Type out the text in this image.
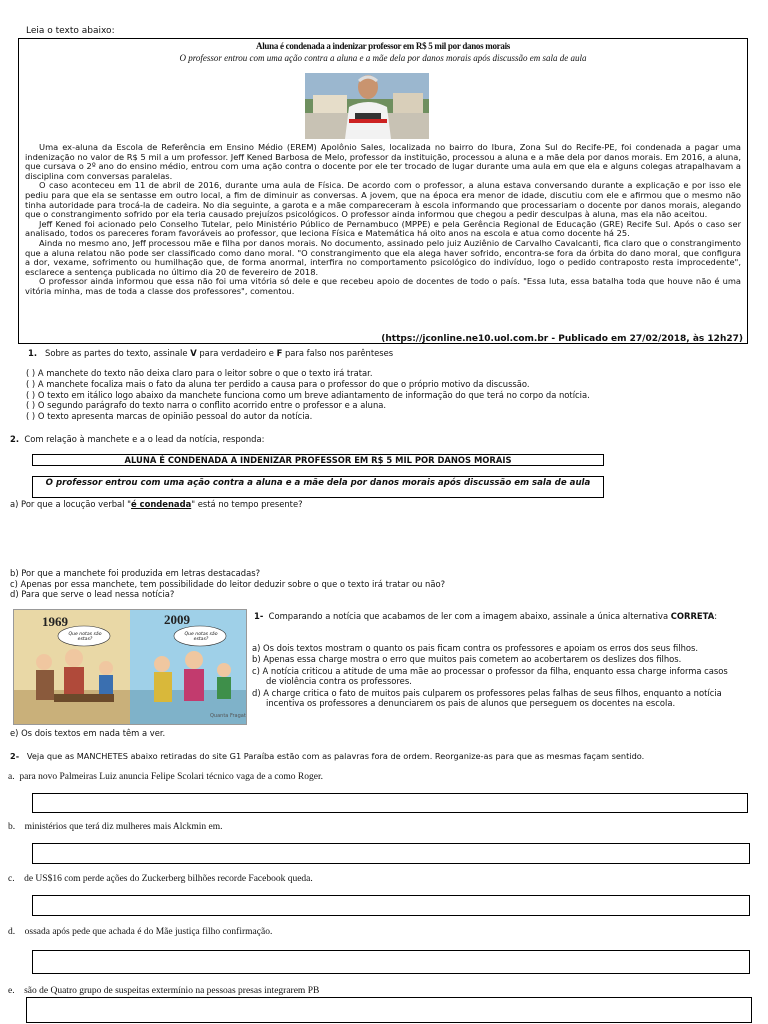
Leia o texto abaixo:
Aluna é condenada a indenizar professor em R$ 5 mil por danos morais
O professor entrou com uma ação contra a aluna e a mãe dela por danos morais após discussão em sala de aula

Uma ex-aluna da Escola de Referência em Ensino Médio (EREM) Apolônio Sales, localizada no bairro do Ibura, Zona Sul do Recife-PE, foi condenada a pagar uma indenização no valor de R$ 5 mil a um professor. Jeff Kened Barbosa de Melo, professor da instituição, processou a aluna e a mãe dela por danos morais. Em 2016, a aluna, que cursava o 2º ano do ensino médio, entrou com uma ação contra o docente por ele ter trocado de lugar durante uma aula em que ela e alguns colegas atrapalhavam a disciplina com conversas paralelas.

O caso aconteceu em 11 de abril de 2016, durante uma aula de Física. De acordo com o professor, a aluna estava conversando durante a explicação e por isso ele pediu para que ela se sentasse em outro local, a fim de diminuir as conversas. A jovem, que na época era menor de idade, discutiu com ele e afirmou que o mesmo não tinha autoridade para trocá-la de cadeira. No dia seguinte, a garota e a mãe compareceram à escola informando que processariam o docente por danos morais, alegando que o constrangimento sofrido por ela teria causado prejuízos psicológicos. O professor ainda informou que chegou a pedir desculpas à aluna, mas ela não aceitou.

Jeff Kened foi acionado pelo Conselho Tutelar, pelo Ministério Público de Pernambuco (MPPE) e pela Gerência Regional de Educação (GRE) Recife Sul. Após o caso ser analisado, todos os pareceres foram favoráveis ao professor, que leciona Física e Matemática há oito anos na escola e atua como docente há 25.

Ainda no mesmo ano, Jeff processou mãe e filha por danos morais. No documento, assinado pelo juiz Auziênio de Carvalho Cavalcanti, fica claro que o constrangimento que a aluna relatou não pode ser classificado como dano moral. "O constrangimento que ela alega haver sofrido, encontra-se fora da órbita do dano moral, que configura a dor, vexame, sofrimento ou humilhação que, de forma anormal, interfira no comportamento psicológico do indivíduo, logo o pedido contraposto resta improcedente", esclarece a sentença publicada no último dia 20 de fevereiro de 2018.

O professor ainda informou que essa não foi uma vitória só dele e que recebeu apoio de docentes de todo o país. "Essa luta, essa batalha toda que houve não é uma vitória minha, mas de toda a classe dos professores", comentou.

(https://jconline.ne10.uol.com.br - Publicado em 27/02/2018, às 12h27)
1. Sobre as partes do texto, assinale V para verdadeiro e F para falso nos parênteses
( ) A manchete do texto não deixa claro para o leitor sobre o que o texto irá tratar.
( ) A manchete focaliza mais o fato da aluna ter perdido a causa para o professor do que o próprio motivo da discussão.
( ) O texto em itálico logo abaixo da manchete funciona como um breve adiantamento de informação do que terá no corpo da notícia.
( ) O segundo parágrafo do texto narra o conflito acorrido entre o professor e a aluna.
( ) O texto apresenta marcas de opinião pessoal do autor da notícia.
2. Com relação à manchete e a o lead da notícia, responda:
ALUNA É CONDENADA A INDENIZAR PROFESSOR EM R$ 5 MIL POR DANOS MORAIS
O professor entrou com uma ação contra a aluna e a mãe dela por danos morais após discussão em sala de aula
a) Por que a locução verbal "é condenada" está no tempo presente?
b) Por que a manchete foi produzida em letras destacadas?
c) Apenas por essa manchete, tem possibilidade do leitor deduzir sobre o que o texto irá tratar ou não?
d) Para que serve o lead nessa notícia?
1969	2009
Que notas são estas?
Que notas são estas?
Quanta Fragat
1- Comparando a notícia que acabamos de ler com a imagem abaixo, assinale a única alternativa CORRETA:
a) Os dois textos mostram o quanto os pais ficam contra os professores e apoiam os erros dos seus filhos.
b) Apenas essa charge mostra o erro que muitos pais cometem ao acobertarem os deslizes dos filhos.
c) A notícia criticou a atitude de uma mãe ao processar o professor da filha, enquanto essa charge informa casos de violência contra os professores.
d) A charge critica o fato de muitos pais culparem os professores pelas falhas de seus filhos, enquanto a notícia incentiva os professores a denunciarem os pais de alunos que perseguem os docentes na escola.
e) Os dois textos em nada têm a ver.
2- Veja que as MANCHETES abaixo retiradas do site G1 Paraíba estão com as palavras fora de ordem. Reorganize-as para que as mesmas façam sentido.
a. para novo Palmeiras Luiz anuncia Felipe Scolari técnico vaga de a como Roger.
b. ministérios que terá diz mulheres mais Alckmin em.
c. de US$16 com perde ações do Zuckerberg bilhões recorde Facebook queda.
d. ossada após pede que achada é do Mãe justiça filho confirmação.
e. são de Quatro grupo de suspeitas extermínio na pessoas presas integrarem PB
